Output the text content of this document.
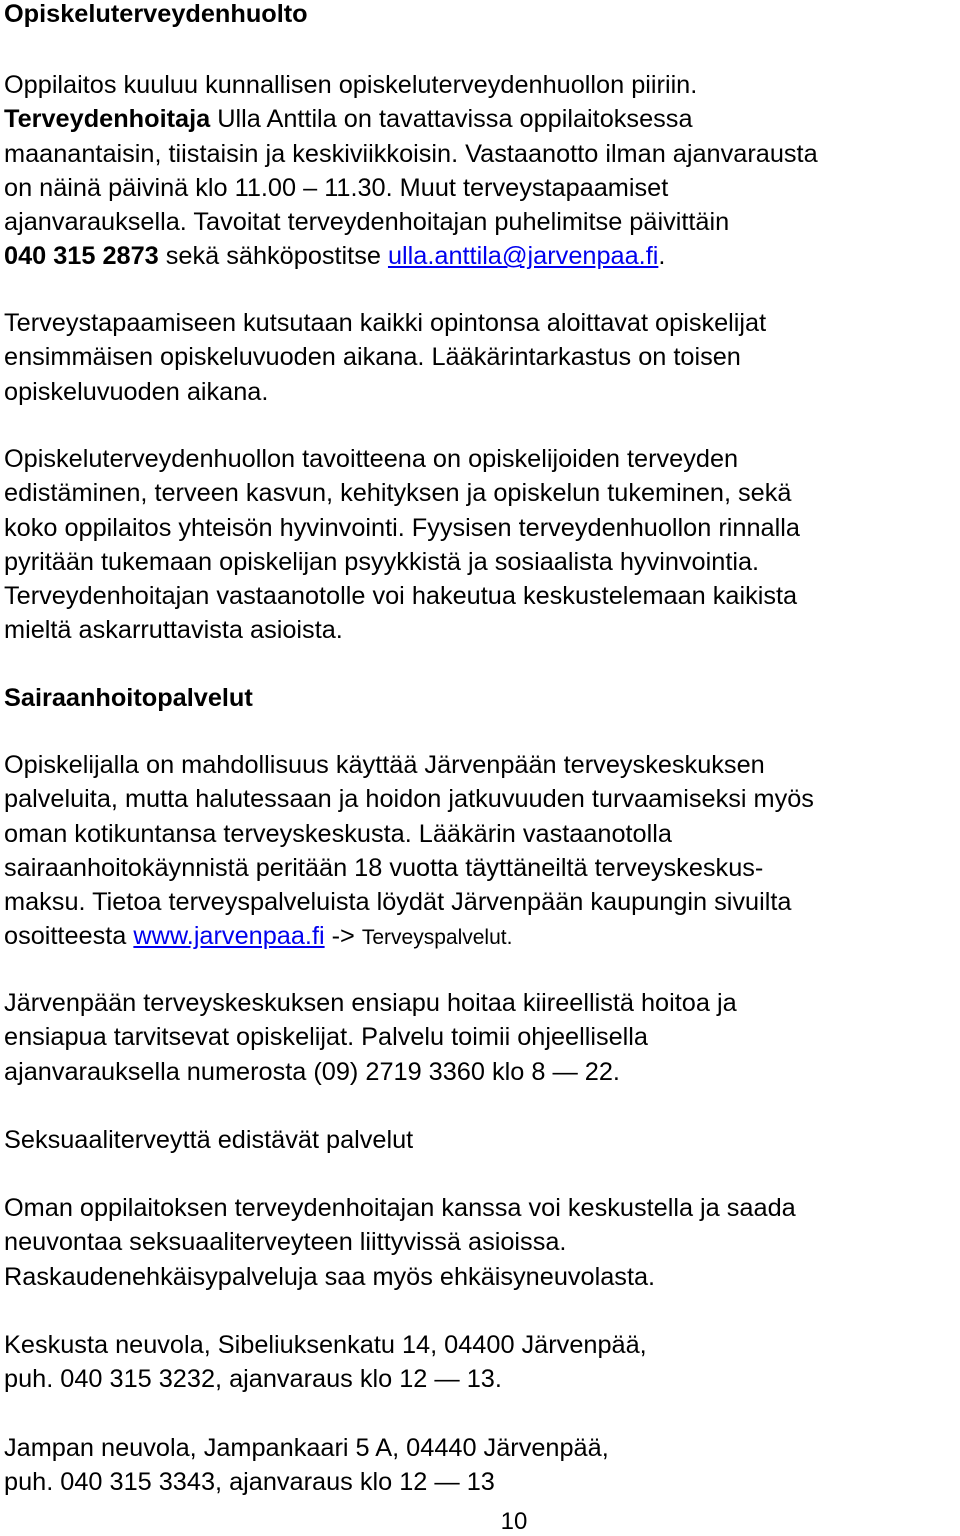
Opiskeluterveydenhuolto
Oppilaitos kuuluu kunnallisen opiskeluterveydenhuollon piiriin.
Terveydenhoitaja Ulla Anttila on tavattavissa oppilaitoksessa
maanantaisin, tiistaisin ja keskiviikkoisin. Vastaanotto ilman ajanvarausta
on näinä päivinä klo 11.00 – 11.30. Muut terveystapaamiset
ajanvarauksella. Tavoitat terveydenhoitajan puhelimitse päivittäin
040 315 2873 sekä sähköpostitse ulla.anttila@jarvenpaa.fi.
Terveystapaamiseen kutsutaan kaikki opintonsa aloittavat opiskelijat
ensimmäisen opiskeluvuoden aikana. Lääkärintarkastus on toisen
opiskeluvuoden aikana.
Opiskeluterveydenhuollon tavoitteena on opiskelijoiden terveyden
edistäminen, terveen kasvun, kehityksen ja opiskelun tukeminen, sekä
koko oppilaitos yhteisön hyvinvointi. Fyysisen terveydenhuollon rinnalla
pyritään tukemaan opiskelijan psyykkistä ja sosiaalista hyvinvointia.
Terveydenhoitajan vastaanotolle voi hakeutua keskustelemaan kaikista
mieltä askarruttavista asioista.
Sairaanhoitopalvelut
Opiskelijalla on mahdollisuus käyttää Järvenpään terveyskeskuksen
palveluita, mutta halutessaan ja hoidon jatkuvuuden turvaamiseksi myös
oman kotikuntansa terveyskeskusta. Lääkärin vastaanotolla
sairaanhoitokäynnistä peritään 18 vuotta täyttäneiltä terveyskeskus-
maksu. Tietoa terveyspalveluista löydät Järvenpään kaupungin sivuilta
osoitteesta www.jarvenpaa.fi -> Terveyspalvelut.
Järvenpään terveyskeskuksen ensiapu hoitaa kiireellistä hoitoa ja
ensiapua tarvitsevat opiskelijat. Palvelu toimii ohjeellisella
ajanvarauksella numerosta (09) 2719 3360 klo 8 — 22.
Seksuaaliterveyttä edistävät palvelut
Oman oppilaitoksen terveydenhoitajan kanssa voi keskustella ja saada
neuvontaa seksuaaliterveyteen liittyvissä asioissa.
Raskaudenehkäisypalveluja saa myös ehkäisyneuvolasta.
Keskusta neuvola, Sibeliuksenkatu 14, 04400 Järvenpää,
puh. 040 315 3232, ajanvaraus klo 12 — 13.
Jampan neuvola, Jampankaari 5 A, 04440 Järvenpää,
puh. 040 315 3343, ajanvaraus klo 12 — 13
10
